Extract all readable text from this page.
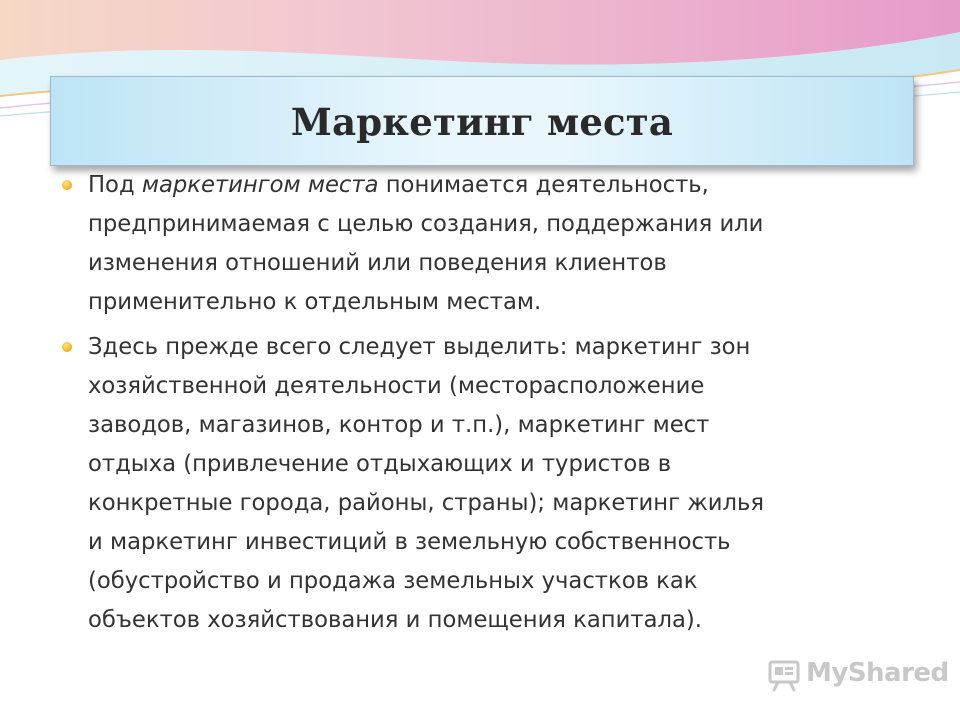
Маркетинг места
Под маркетингом места понимается деятельность,
предпринимаемая с целью создания, поддержания или
изменения отношений или поведения клиентов
применительно к отдельным местам.
Здесь прежде всего следует выделить: маркетинг зон
хозяйственной деятельности (месторасположение
заводов, магазинов, контор и т.п.), маркетинг мест
отдыха (привлечение отдыхающих и туристов в
конкретные города, районы, страны); маркетинг жилья
и маркетинг инвестиций в земельную собственность
(обустройство и продажа земельных участков как
объектов хозяйствования и помещения капитала).
MyShared
